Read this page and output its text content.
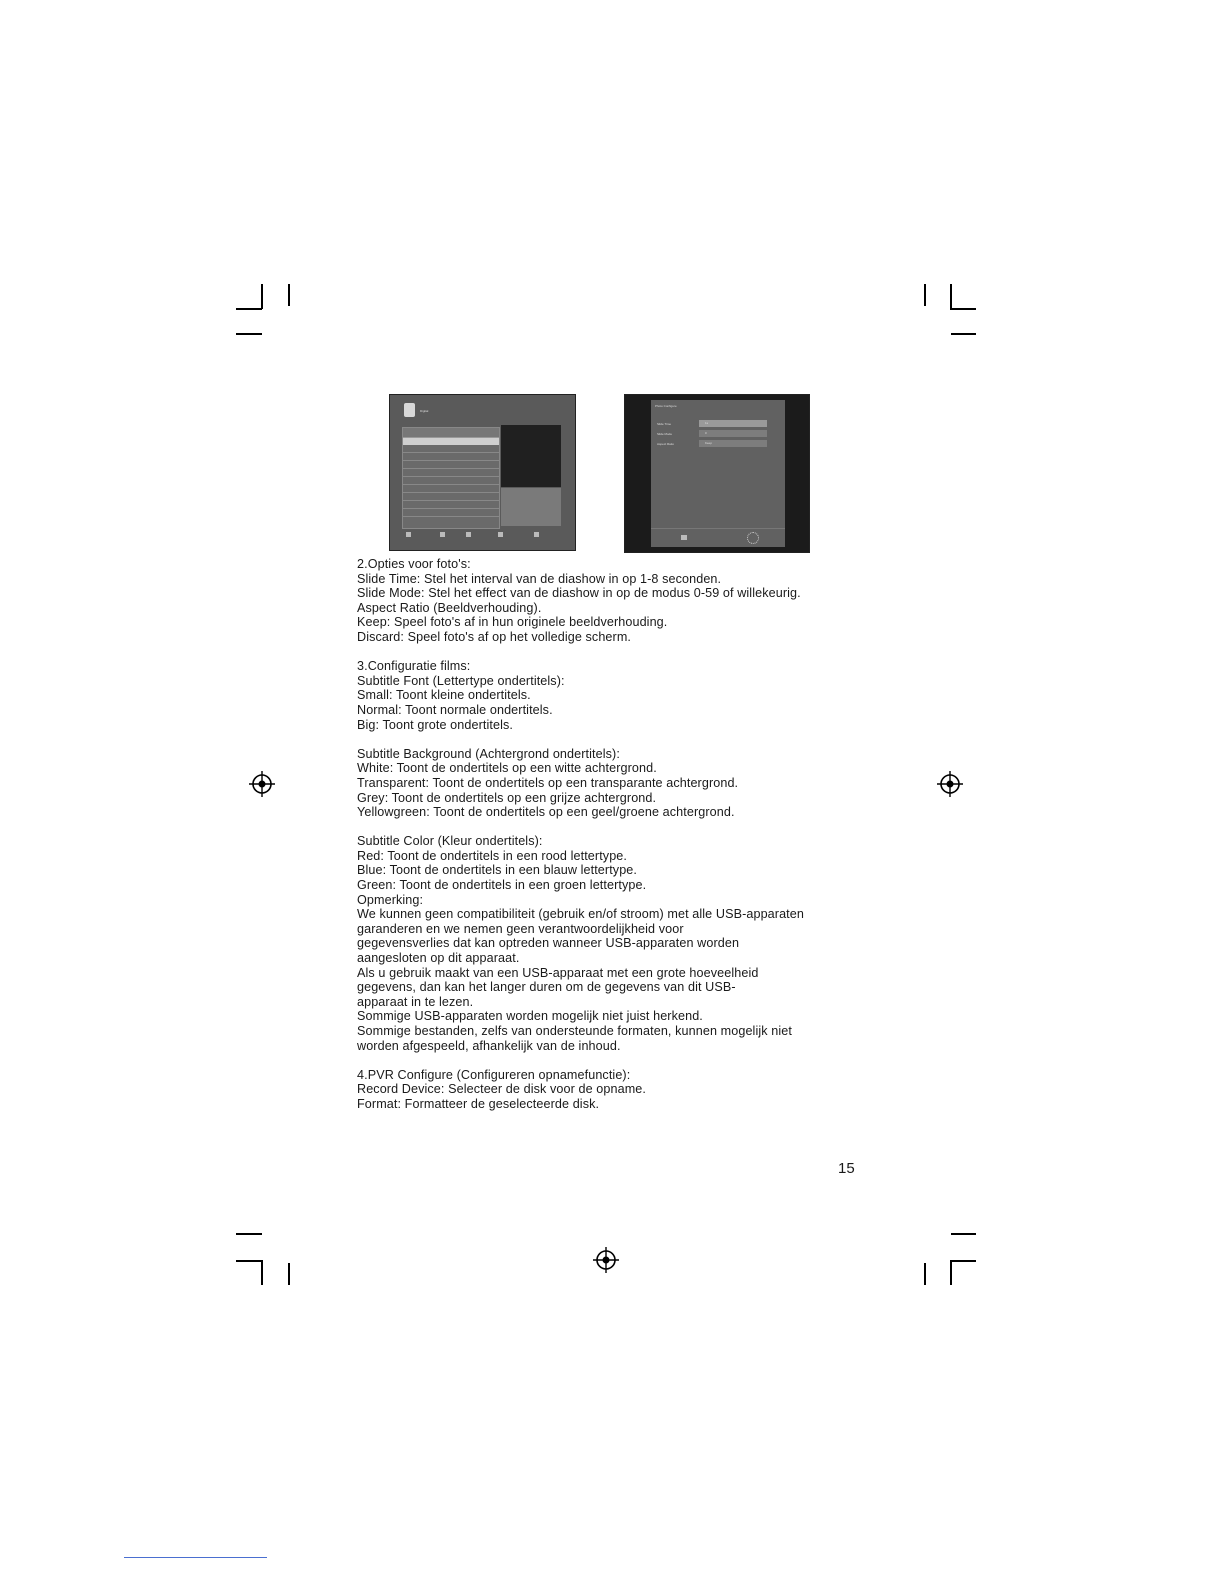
Digital
Photo Configure
Slide Time	1s
Slide Mode	0
Aspect Ratio	Keep
2.Opties voor foto's:
Slide Time: Stel het interval van de diashow in op 1-8 seconden.
Slide Mode: Stel het effect van de diashow in op de modus 0-59 of willekeurig.
Aspect Ratio (Beeldverhouding).
Keep: Speel foto's af in hun originele beeldverhouding.
Discard: Speel foto's af op het volledige scherm.
3.Configuratie films:
Subtitle Font (Lettertype ondertitels):
Small: Toont kleine ondertitels.
Normal: Toont normale ondertitels.
Big: Toont grote ondertitels.
Subtitle Background (Achtergrond ondertitels):
White: Toont de ondertitels op een witte achtergrond.
Transparent: Toont de ondertitels op een transparante achtergrond.
Grey: Toont de ondertitels op een grijze achtergrond.
Yellowgreen: Toont de ondertitels op een geel/groene achtergrond.
Subtitle Color (Kleur ondertitels):
Red: Toont de ondertitels in een rood lettertype.
Blue: Toont de ondertitels in een blauw lettertype.
Green: Toont de ondertitels in een groen lettertype.
Opmerking:
We kunnen geen compatibiliteit (gebruik en/of stroom) met alle USB-apparaten
garanderen en we nemen geen verantwoordelijkheid voor
gegevensverlies dat kan optreden wanneer USB-apparaten worden
aangesloten op dit apparaat.
Als u gebruik maakt van een USB-apparaat met een grote hoeveelheid
gegevens, dan kan het langer duren om de gegevens van dit USB-
apparaat in te lezen.
Sommige USB-apparaten worden mogelijk niet juist herkend.
Sommige bestanden, zelfs van ondersteunde formaten, kunnen mogelijk niet
worden afgespeeld, afhankelijk van de inhoud.
4.PVR Configure (Configureren opnamefunctie):
Record Device: Selecteer de disk voor de opname.
Format: Formatteer de geselecteerde disk.
15
